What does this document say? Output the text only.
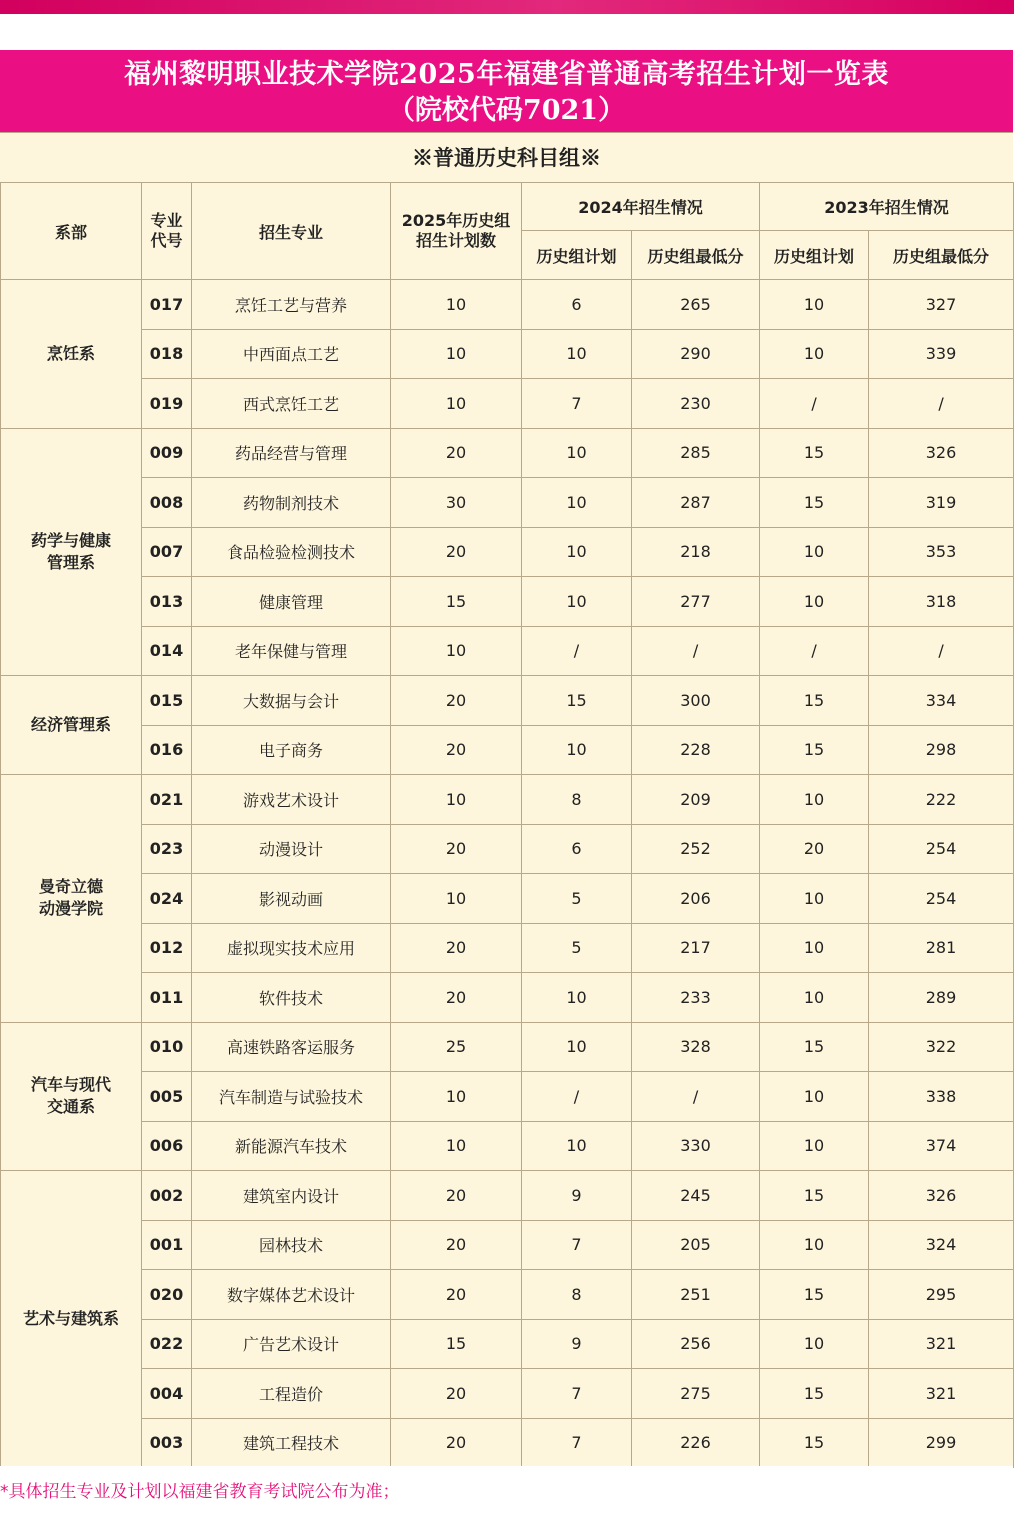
福州黎明职业技术学院2025年福建省普通高考招生计划一览表
（院校代码7021）
※普通历史科目组※
系部	专业代号	招生专业	2025年历史组招生计划数	2024年招生情况		2023年招生情况	
				历史组计划	历史组最低分	历史组计划	历史组最低分
烹饪系	017	烹饪工艺与营养	10	6	265	10	327
	018	中西面点工艺	10	10	290	10	339
	019	西式烹饪工艺	10	7	230	/	/
药学与健康管理系	009	药品经营与管理	20	10	285	15	326
	008	药物制剂技术	30	10	287	15	319
	007	食品检验检测技术	20	10	218	10	353
	013	健康管理	15	10	277	10	318
	014	老年保健与管理	10	/	/	/	/
经济管理系	015	大数据与会计	20	15	300	15	334
	016	电子商务	20	10	228	15	298
曼奇立德动漫学院	021	游戏艺术设计	10	8	209	10	222
	023	动漫设计	20	6	252	20	254
	024	影视动画	10	5	206	10	254
	012	虚拟现实技术应用	20	5	217	10	281
	011	软件技术	20	10	233	10	289
汽车与现代交通系	010	高速铁路客运服务	25	10	328	15	322
	005	汽车制造与试验技术	10	/	/	10	338
	006	新能源汽车技术	10	10	330	10	374
艺术与建筑系	002	建筑室内设计	20	9	245	15	326
	001	园林技术	20	7	205	10	324
	020	数字媒体艺术设计	20	8	251	15	295
	022	广告艺术设计	15	9	256	10	321
	004	工程造价	20	7	275	15	321
	003	建筑工程技术	20	7	226	15	299
*具体招生专业及计划以福建省教育考试院公布为准；
